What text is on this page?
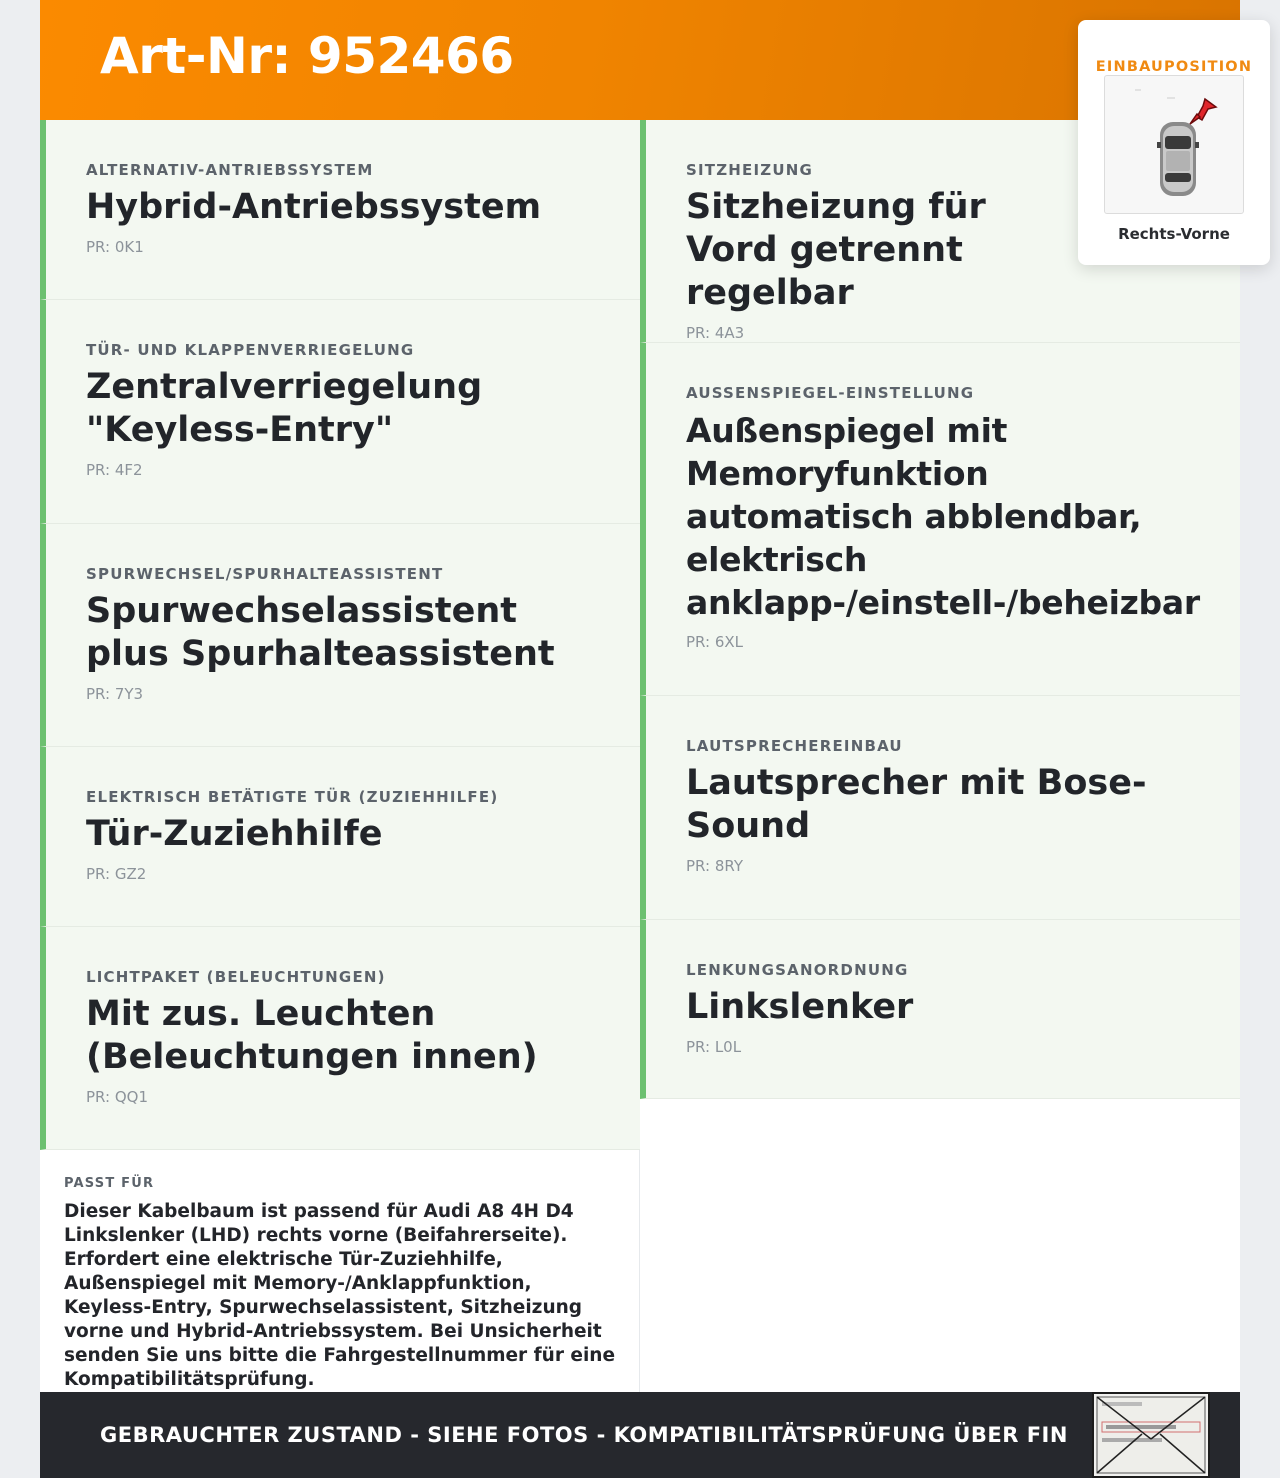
Art-Nr: 952466
ALTERNATIV-ANTRIEBSSYSTEM
Hybrid-Antriebssystem
PR: 0K1
TÜR- UND KLAPPENVERRIEGELUNG
Zentralverriegelung "Keyless-Entry"
PR: 4F2
SPURWECHSEL/SPURHALTEASSISTENT
Spurwechselassistent plus Spurhalteassistent
PR: 7Y3
ELEKTRISCH BETÄTIGTE TÜR (ZUZIEHHILFE)
Tür-Zuziehhilfe
PR: GZ2
LICHTPAKET (BELEUCHTUNGEN)
Mit zus. Leuchten (Beleuchtungen innen)
PR: QQ1
SITZHEIZUNG
Sitzheizung für Vord getrennt regelbar
PR: 4A3
AUSSENSPIEGEL-EINSTELLUNG
Außenspiegel mit Memoryfunktion automatisch abblendbar, elektrisch anklapp-/einstell-/beheizbar
PR: 6XL
LAUTSPRECHEREINBAU
Lautsprecher mit Bose-Sound
PR: 8RY
LENKUNGSANORDNUNG
Linkslenker
PR: L0L
PASST FÜR
Dieser Kabelbaum ist passend für Audi A8 4H D4 Linkslenker (LHD) rechts vorne (Beifahrerseite). Erfordert eine elektrische Tür-Zuziehhilfe, Außenspiegel mit Memory-/Anklappfunktion, Keyless-Entry, Spurwechselassistent, Sitzheizung vorne und Hybrid-Antriebssystem. Bei Unsicherheit senden Sie uns bitte die Fahrgestellnummer für eine Kompatibilitätsprüfung.
GEBRAUCHTER ZUSTAND - SIEHE FOTOS - KOMPATIBILITÄTSPRÜFUNG ÜBER FIN
EINBAUPOSITION
Rechts-Vorne
